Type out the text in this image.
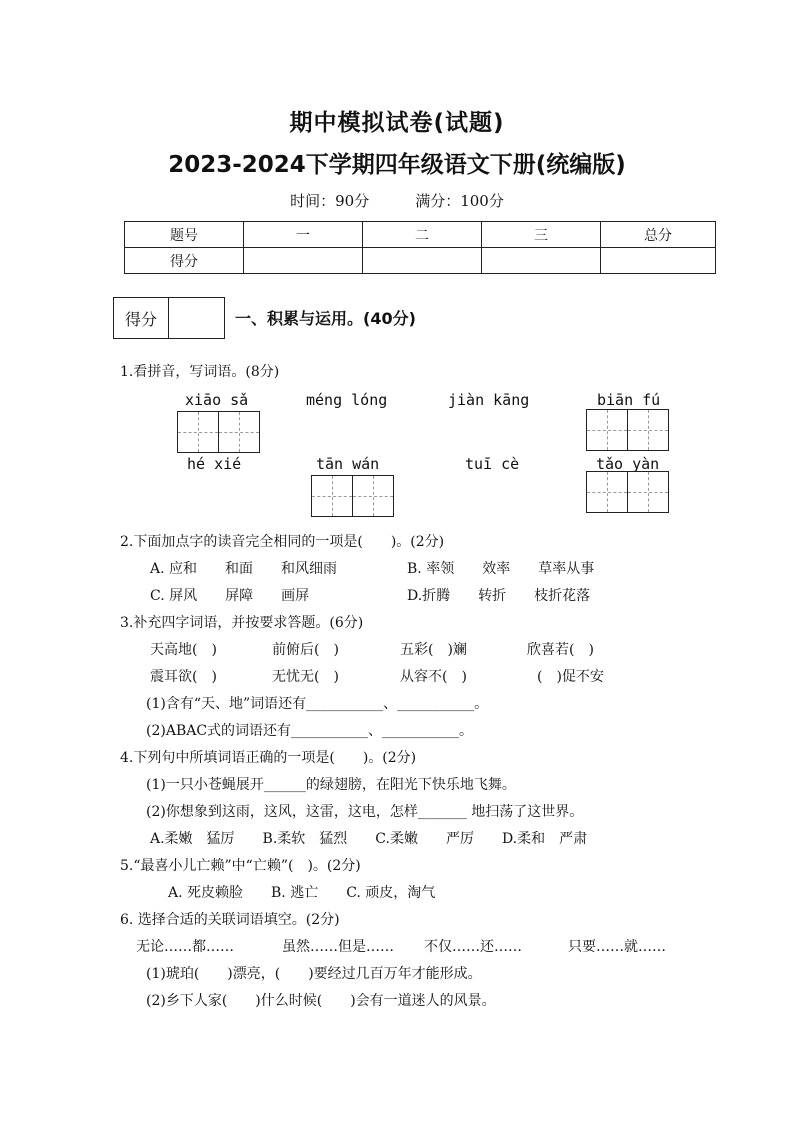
期中模拟试卷(试题)
2023-2024下学期四年级语文下册(统编版)
时间：90分	满分：100分
题号	一	二	三	总分
得分				
得分	一、积累与运用。(40分)
1.看拼音，写词语。(8分)
xiāo sǎ	méng lóng	jiàn kāng	biān fú
hé xié	tān wán	tuī cè	tǎo yàn
2.下面加点字的读音完全相同的一项是(　　)。(2分)
A. 应和　　和面　　和风细雨	B. 率领　　效率　　草率从事
C. 屏风　　屏障　　画屏	D.折腾　　转折　　枝折花落
3.补充四字词语，并按要求答题。(6分)
天高地(　)	前俯后(　)	五彩(　)斓	欣喜若(　)
震耳欲(　)	无忧无(　)	从容不(　)	(　)促不安
(1)含有“天、地”词语还有___________、___________。
(2)ABAC式的词语还有___________、___________。
4.下列句中所填词语正确的一项是(　　)。(2分)
(1)一只小苍蝇展开______的绿翅膀，在阳光下快乐地飞舞。
(2)你想象到这雨，这风，这雷，这电，怎样_______ 地扫荡了这世界。
A.柔嫩　猛厉　　B.柔软　猛烈　　C.柔嫩　　严厉　　D.柔和　严肃
5.“最喜小儿亡赖”中“亡赖”(　)。(2分)
A. 死皮赖脸　　B. 逃亡　　C. 顽皮，淘气
6. 选择合适的关联词语填空。(2分)
无论……都……	虽然……但是…… 不仅……还……	只要……就……
(1)琥珀(　　)漂亮，(　　)要经过几百万年才能形成。
(2)乡下人家(　　)什么时候(　　)会有一道迷人的风景。
